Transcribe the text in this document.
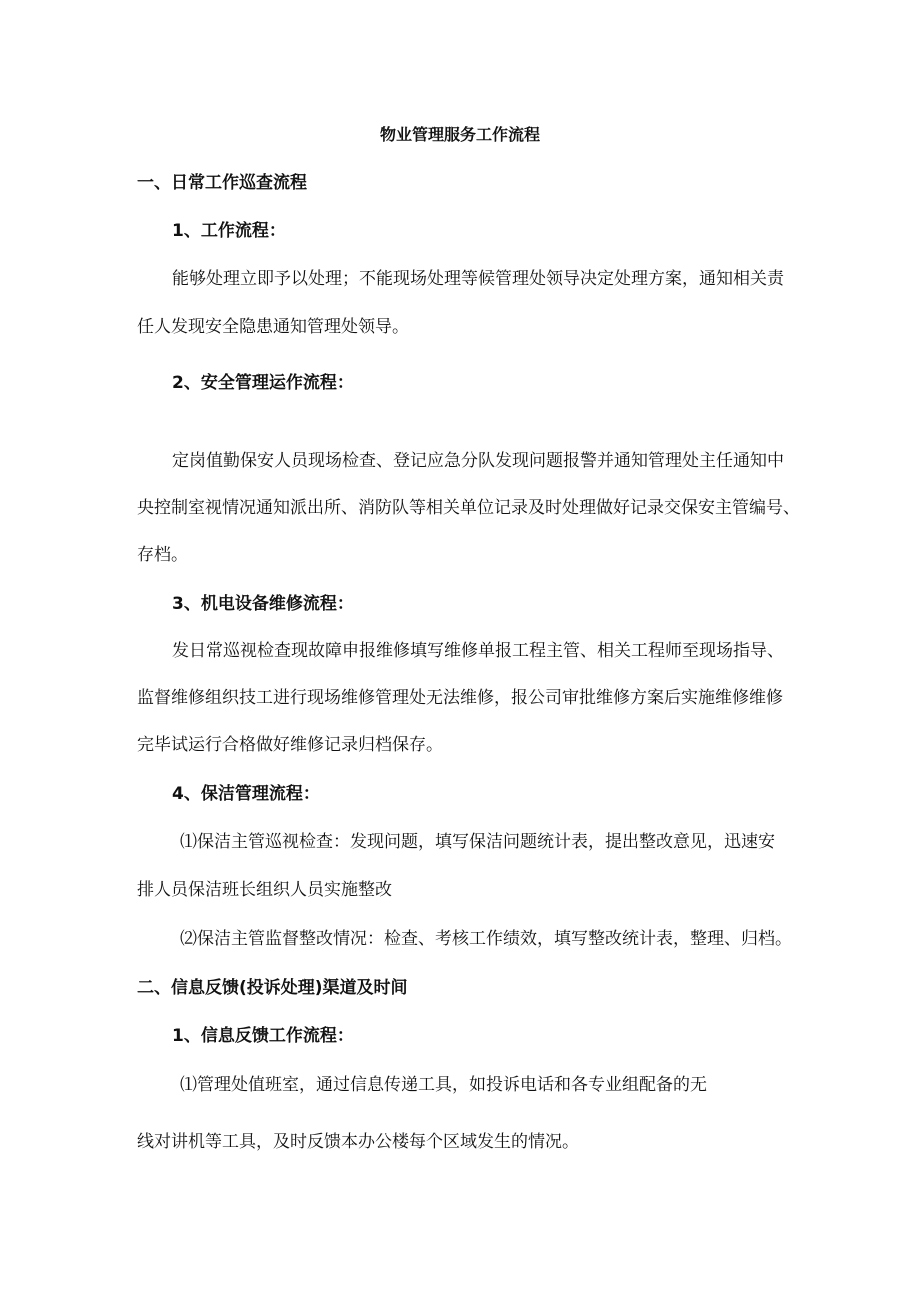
物业管理服务工作流程
一、日常工作巡查流程
1、工作流程：
能够处理立即予以处理；不能现场处理等候管理处领导决定处理方案，通知相关责
任人发现安全隐患通知管理处领导。
2、安全管理运作流程：
定岗值勤保安人员现场检查、登记应急分队发现问题报警并通知管理处主任通知中
央控制室视情况通知派出所、消防队等相关单位记录及时处理做好记录交保安主管编号、
存档。
3、机电设备维修流程：
发日常巡视检查现故障申报维修填写维修单报工程主管、相关工程师至现场指导、
监督维修组织技工进行现场维修管理处无法维修，报公司审批维修方案后实施维修维修
完毕试运行合格做好维修记录归档保存。
4、保洁管理流程：
⑴保洁主管巡视检查：发现问题，填写保洁问题统计表，提出整改意见，迅速安
排人员保洁班长组织人员实施整改
⑵保洁主管监督整改情况：检查、考核工作绩效，填写整改统计表，整理、归档。
二、信息反馈(投诉处理)渠道及时间
1、信息反馈工作流程：
⑴管理处值班室，通过信息传递工具，如投诉电话和各专业组配备的无
线对讲机等工具，及时反馈本办公楼每个区域发生的情况。
